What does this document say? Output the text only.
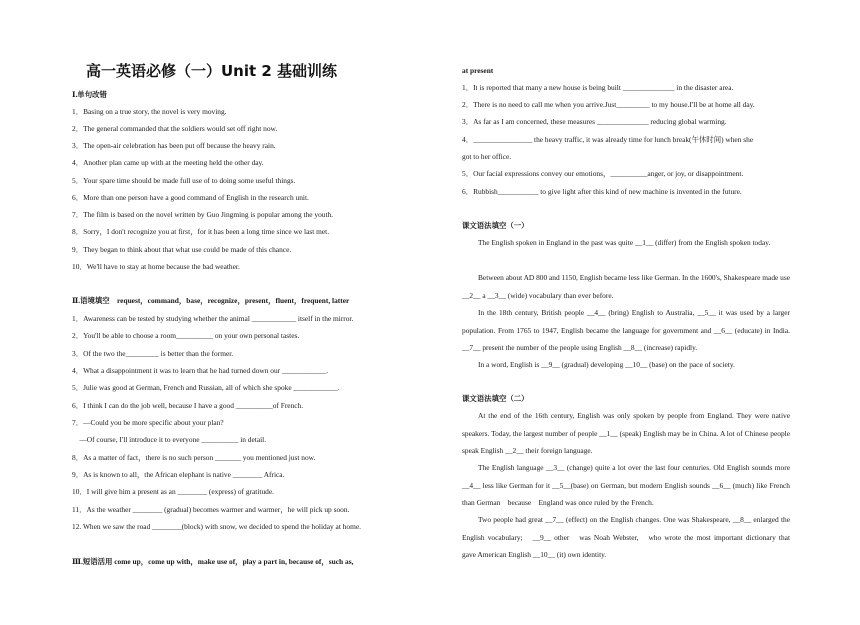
高一英语必修（一）Unit 2 基础训练
Ⅰ.单句改错
1．Basing on a true story, the novel is very moving.
2．The general commanded that the soldiers would set off right now.
3．The open-air celebration has been put off because the heavy rain.
4．Another plan came up with at the meeting held the other day.
5．Your spare time should be made full use of to doing some useful things.
6．More than one person have a good command of English in the research unit.
7．The film is based on the novel written by Guo Jingming is popular among the youth.
8．Sorry，I don't recognize you at first，for it has been a long time since we last met.
9．They began to think about that what use could be made of this chance.
10．We'll have to stay at home because the bad weather.
Ⅱ.语境填空　request，command，base，recognize，present，fluent，frequent, latter
1．Awareness can be tested by studying whether the animal ____________ itself in the mirror.
2．You'll be able to choose a room__________ on your own personal tastes.
3．Of the two the_________ is better than the former.
4．What a disappointment it was to learn that he had turned down our ____________.
5．Julie was good at German, French and Russian, all of which she spoke ____________.
6．I think I can do the job well, because I have a good __________of French.
7．—Could you be more specific about your plan?
　—Of course, I'll introduce it to everyone __________ in detail.
8．As a matter of fact，there is no such person _______ you mentioned just now.
9．As is known to all，the African elephant is native ________ Africa.
10．I will give him a present as an ________ (express) of gratitude.
11．As the weather ________ (gradual) becomes warmer and warmer，he will pick up soon.
12. When we saw the road ________(block) with snow, we decided to spend the holiday at home.
Ⅲ.短语活用 come up，come up with，make use of，play a part in, because of，such as,
at present
1．It is reported that many a new house is being built ______________ in the disaster area.
2．There is no need to call me when you arrive.Just_________ to my house.I'll be at home all day.
3．As far as I am concerned, these measures ______________ reducing global warming.
4．________________ the heavy traffic, it was already time for lunch break(午休时间) when she
got to her office.
5．Our facial expressions convey our emotions，__________anger, or joy, or disappointment.
6．Rubbish___________ to give light after this kind of new machine is invented in the future.
课文语法填空（一）
The English spoken in England in the past was quite __1__ (differ) from the English spoken today.
Between about AD 800 and 1150, English became less like German. In the 1600's, Shakespeare made use __2__ a __3__ (wide) vocabulary than ever before.
In the 18th century, British people __4__ (bring) English to Australia, __5__ it was used by a larger population. From 1765 to 1947, English became the language for government and __6__ (educate) in India. __7__ present the number of the people using English __8__ (increase) rapidly.
In a word, English is __9__ (gradual) developing __10__ (base) on the pace of society.
课文语法填空（二）
At the end of the 16th century, English was only spoken by people from England. They were native speakers. Today, the largest number of people __1__ (speak) English may be in China. A lot of Chinese people speak English __2__ their foreign language.
The English language __3__ (change) quite a lot over the last four centuries. Old English sounds more __4__ less like German for it __5__(base) on German, but modern English sounds __6__ (much) like French than German　because　England was once ruled by the French.
Two people had great __7__ (effect) on the English changes. One was Shakespeare, __8__ enlarged the English vocabulary;　__9__ other　was Noah Webster,　who wrote the most important dictionary that　gave American English __10__ (it) own identity.
